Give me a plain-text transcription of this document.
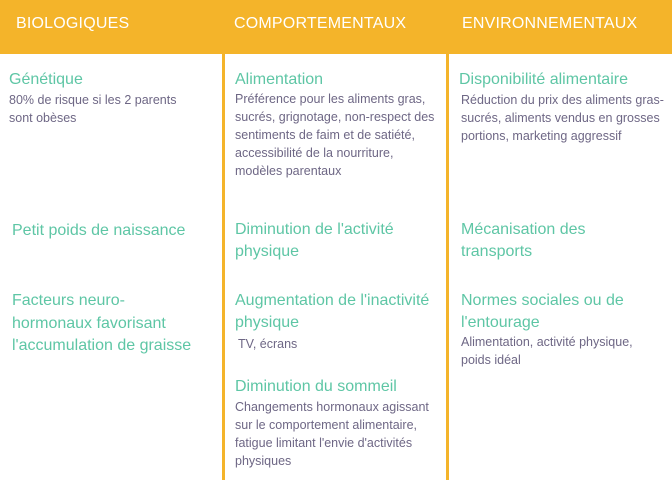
BIOLOGIQUES	COMPORTEMENTAUX	ENVIRONNEMENTAUX
Génétique
80% de risque si les 2 parents sont obèses
Petit poids de naissance
Facteurs neuro-hormonaux favorisant l'accumulation de graisse
Alimentation
Préférence pour les aliments gras, sucrés, grignotage, non-respect des sentiments de faim et de satiété, accessibilité de la nourriture, modèles parentaux
Diminution de l'activité physique
Augmentation de l'inactivité physique
TV, écrans
Diminution du sommeil
Changements hormonaux agissant sur le comportement alimentaire, fatigue limitant l'envie d'activités physiques
Disponibilité alimentaire
Réduction du prix des aliments gras-sucrés, aliments vendus en grosses portions, marketing aggressif
Mécanisation des transports
Normes sociales ou de l'entourage
Alimentation, activité physique, poids idéal
